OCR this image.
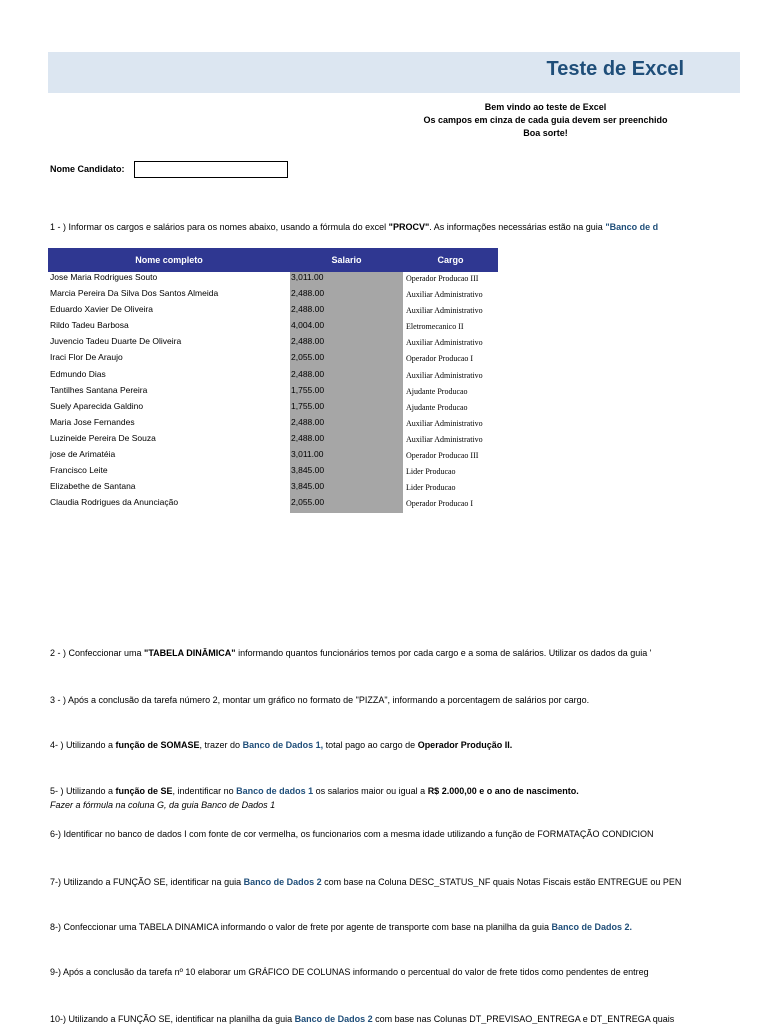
Teste de Excel
Bem vindo ao teste de Excel
Os campos em cinza de cada guia devem ser preenchido
Boa sorte!
Nome Candidato:
1 - ) Informar os cargos e salários para os nomes abaixo, usando a fórmula do excel "PROCV". As informações necessárias estão na guia "Banco de d
Nome completo	Salario	Cargo
Jose Maria Rodrigues Souto	3,011.00	Operador Producao III
Marcia Pereira Da Silva Dos Santos Almeida	2,488.00	Auxiliar Administrativo
Eduardo Xavier De Oliveira	2,488.00	Auxiliar Administrativo
Rildo Tadeu Barbosa	4,004.00	Eletromecanico II
Juvencio Tadeu Duarte De Oliveira	2,488.00	Auxiliar Administrativo
Iraci Flor De Araujo	2,055.00	Operador Producao I
Edmundo Dias	2,488.00	Auxiliar Administrativo
Tantilhes Santana Pereira	1,755.00	Ajudante Producao
Suely Aparecida Galdino	1,755.00	Ajudante Producao
Maria Jose Fernandes	2,488.00	Auxiliar Administrativo
Luzineide Pereira De Souza	2,488.00	Auxiliar Administrativo
jose de Arimatéia	3,011.00	Operador Producao III
Francisco Leite	3,845.00	Lider Producao
Elizabethe de Santana	3,845.00	Lider Producao
Claudia Rodrigues da Anunciação	2,055.00	Operador Producao I
2 - ) Confeccionar uma "TABELA DINÂMICA" informando quantos funcionários temos por cada cargo e a soma de salários. Utilizar os dados da guia '
3 - ) Após a conclusão da tarefa número 2, montar um gráfico no formato de "PIZZA", informando a porcentagem de salários por cargo.
4- ) Utilizando a função de SOMASE, trazer do Banco de Dados 1, total pago ao cargo de Operador Produção II.
5- ) Utilizando a função de SE, indentificar no Banco de dados 1 os salarios maior ou igual a R$ 2.000,00 e o ano de nascimento.
Fazer a fórmula na coluna G, da guia Banco de Dados 1
6-) Identificar no banco de dados I com fonte de cor vermelha, os funcionarios com a mesma idade utilizando a função de FORMATAÇÃO CONDICION
7-) Utilizando a FUNÇÃO SE, identificar na guia Banco de Dados 2 com base na Coluna DESC_STATUS_NF quais Notas Fiscais estão ENTREGUE ou PEN
8-) Confeccionar uma TABELA DINAMICA informando o valor de frete por agente de transporte com base na planilha da guia Banco de Dados 2.
9-) Após a conclusão da tarefa nº 10 elaborar um GRÁFICO DE COLUNAS informando o percentual do valor de frete tidos como pendentes de entreg
10-) Utilizando a FUNÇÃO SE, identificar na planilha da guia Banco de Dados 2 com base nas Colunas DT_PREVISAO_ENTREGA e DT_ENTREGA quais
